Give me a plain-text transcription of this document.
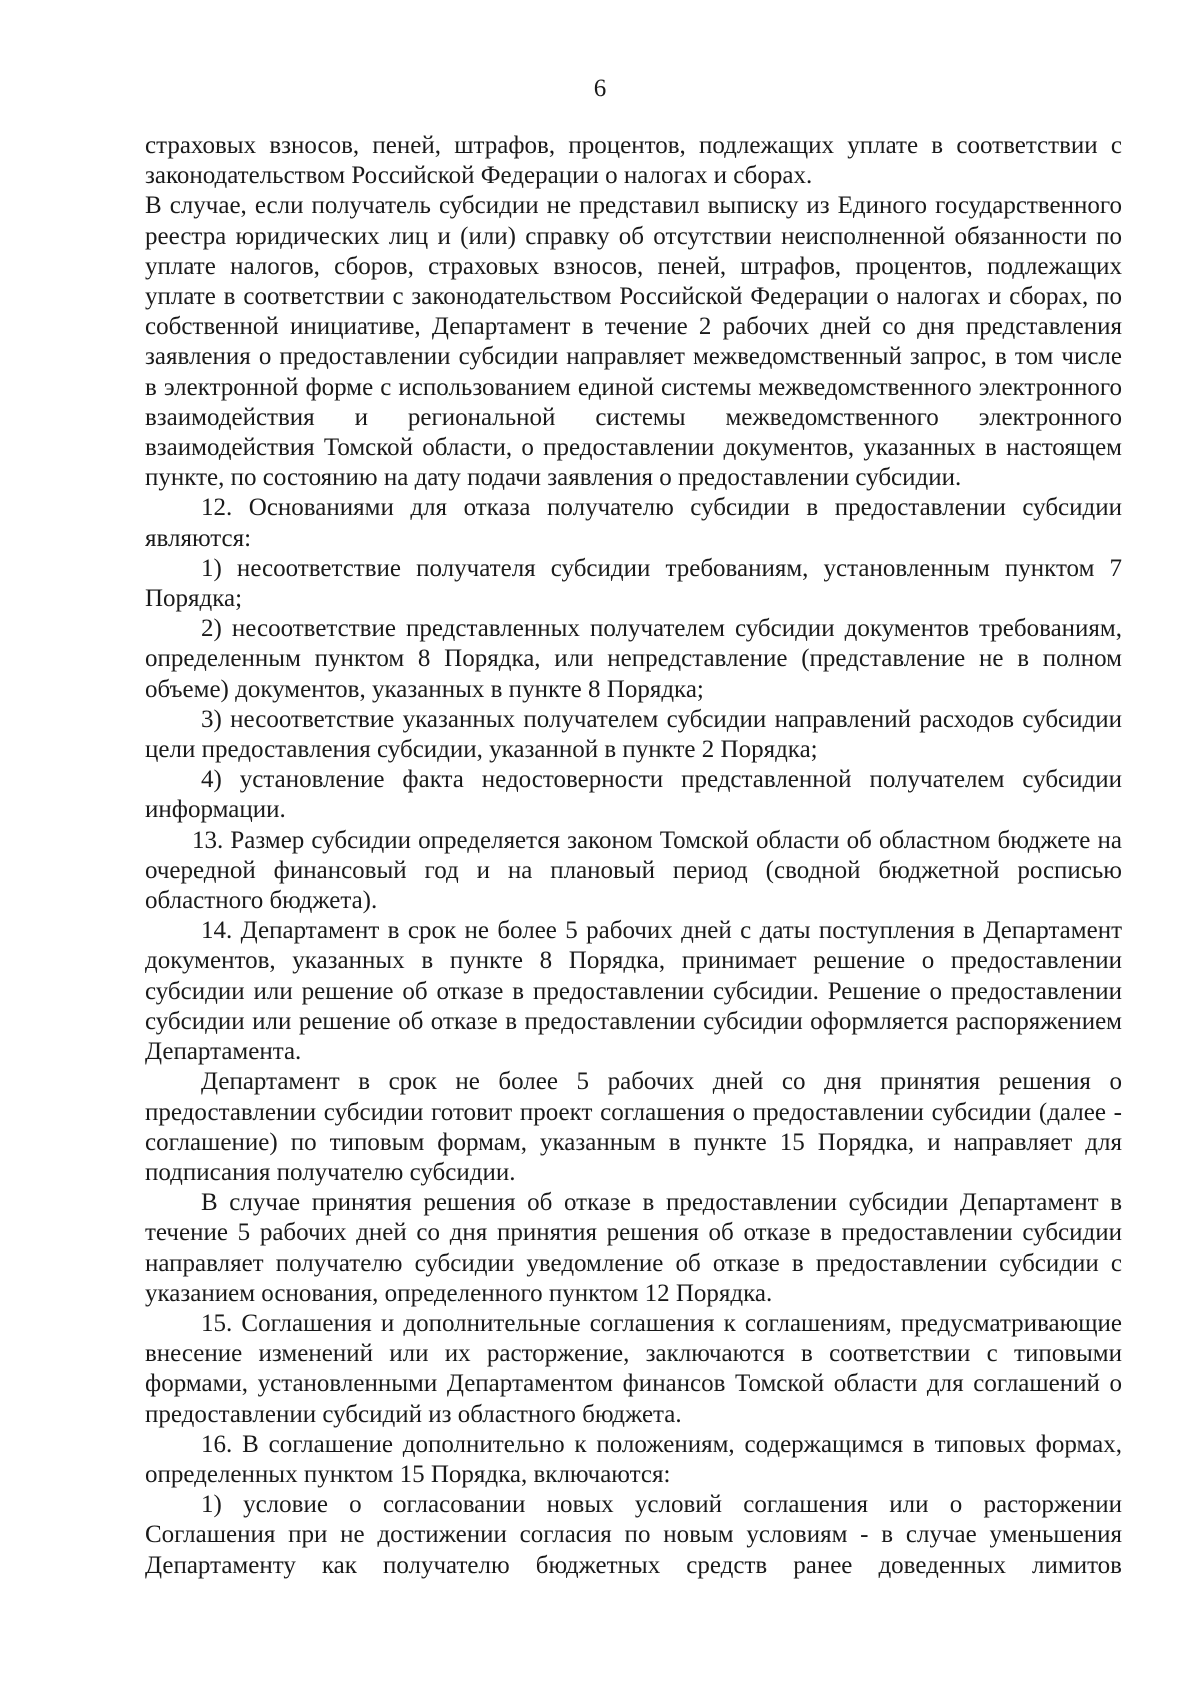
6

страховых взносов, пеней, штрафов, процентов, подлежащих уплате в соответствии с законодательством Российской Федерации о налогах и сборах.

В случае, если получатель субсидии не представил выписку из Единого государственного реестра юридических лиц и (или) справку об отсутствии неисполненной обязанности по уплате налогов, сборов, страховых взносов, пеней, штрафов, процентов, подлежащих уплате в соответствии с законодательством Российской Федерации о налогах и сборах, по собственной инициативе, Департамент в течение 2 рабочих дней со дня представления заявления о предоставлении субсидии направляет межведомственный запрос, в том числе в электронной форме с использованием единой системы межведомственного электронного взаимодействия и региональной системы межведомственного электронного взаимодействия Томской области, о предоставлении документов, указанных в настоящем пункте, по состоянию на дату подачи заявления о предоставлении субсидии.

12. Основаниями для отказа получателю субсидии в предоставлении субсидии являются:

1) несоответствие получателя субсидии требованиям, установленным пунктом 7 Порядка;

2) несоответствие представленных получателем субсидии документов требованиям, определенным пунктом 8 Порядка, или непредставление (представление не в полном объеме) документов, указанных в пункте 8 Порядка;

3) несоответствие указанных получателем субсидии направлений расходов субсидии цели предоставления субсидии, указанной в пункте 2 Порядка;

4) установление факта недостоверности представленной получателем субсидии информации.

13. Размер субсидии определяется законом Томской области об областном бюджете на очередной финансовый год и на плановый период (сводной бюджетной росписью областного бюджета).

14. Департамент в срок не более 5 рабочих дней с даты поступления в Департамент документов, указанных в пункте 8 Порядка, принимает решение о предоставлении субсидии или решение об отказе в предоставлении субсидии. Решение о предоставлении субсидии или решение об отказе в предоставлении субсидии оформляется распоряжением Департамента.

Департамент в срок не более 5 рабочих дней со дня принятия решения о предоставлении субсидии готовит проект соглашения о предоставлении субсидии (далее - соглашение) по типовым формам, указанным в пункте 15 Порядка, и направляет для подписания получателю субсидии.

В случае принятия решения об отказе в предоставлении субсидии Департамент в течение 5 рабочих дней со дня принятия решения об отказе в предоставлении субсидии направляет получателю субсидии уведомление об отказе в предоставлении субсидии с указанием основания, определенного пунктом 12 Порядка.

15. Соглашения и дополнительные соглашения к соглашениям, предусматривающие внесение изменений или их расторжение, заключаются в соответствии с типовыми формами, установленными Департаментом финансов Томской области для соглашений о предоставлении субсидий из областного бюджета.

16. В соглашение дополнительно к положениям, содержащимся в типовых формах, определенных пунктом 15 Порядка, включаются:

1) условие о согласовании новых условий соглашения или о расторжении Соглашения при не достижении согласия по новым условиям - в случае уменьшения Департаменту как получателю бюджетных средств ранее доведенных лимитов
